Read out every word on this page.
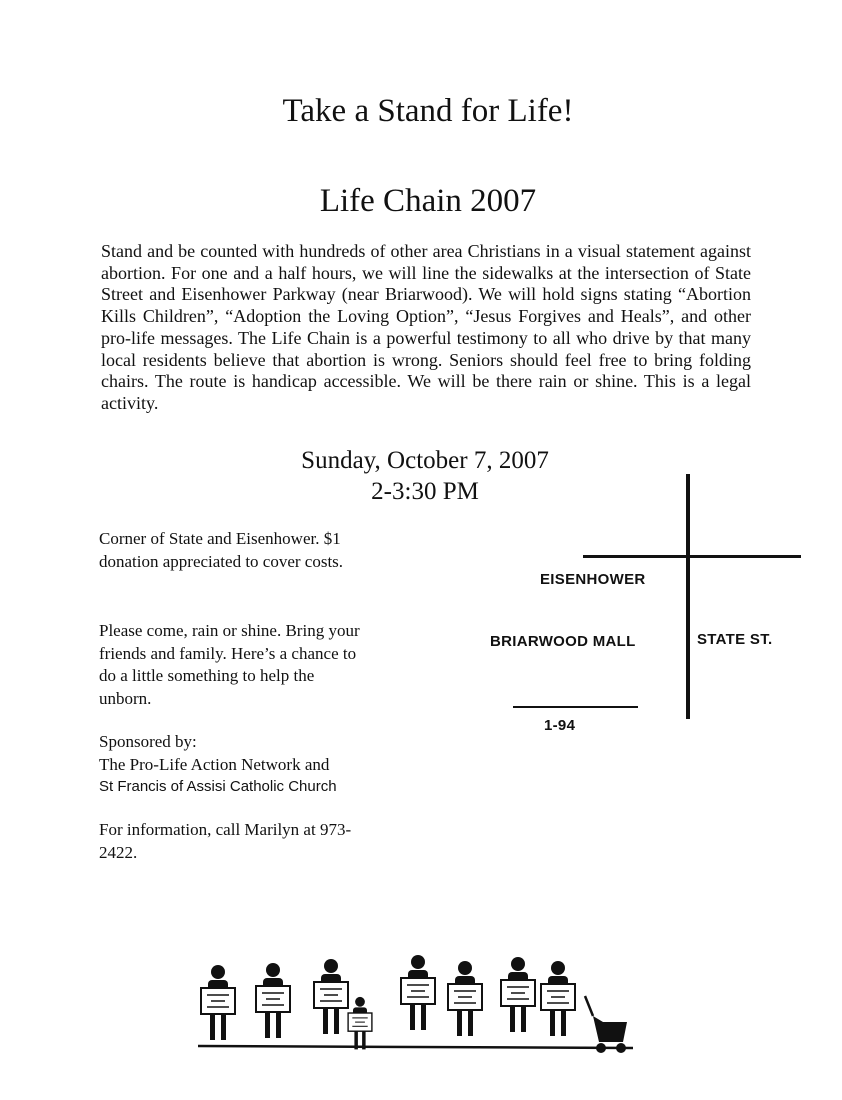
Take a Stand for Life!
Life Chain 2007

Stand and be counted with hundreds of other area Christians in a visual statement against abortion. For one and a half hours, we will line the sidewalks at the intersection of State Street and Eisenhower Parkway (near Briarwood). We will hold signs stating “Abortion Kills Children”, “Adoption the Loving Option”, “Jesus Forgives and Heals”, and other pro-life messages. The Life Chain is a powerful testimony to all who drive by that many local residents believe that abortion is wrong. Seniors should feel free to bring folding chairs. The route is handicap accessible. We will be there rain or shine. This is a legal activity.

Sunday, October 7, 2007

2-3:30 PM

Corner of State and Eisenhower. $1 donation appreciated to cover costs.

Please come, rain or shine. Bring your friends and family. Here’s a chance to do a little something to help the unborn.

Sponsored by:
The Pro-Life Action Network and
St Francis of Assisi Catholic Church

For information, call Marilyn at 973-2422.

EISENHOWER

BRIARWOOD MALL	STATE ST.

1-94
